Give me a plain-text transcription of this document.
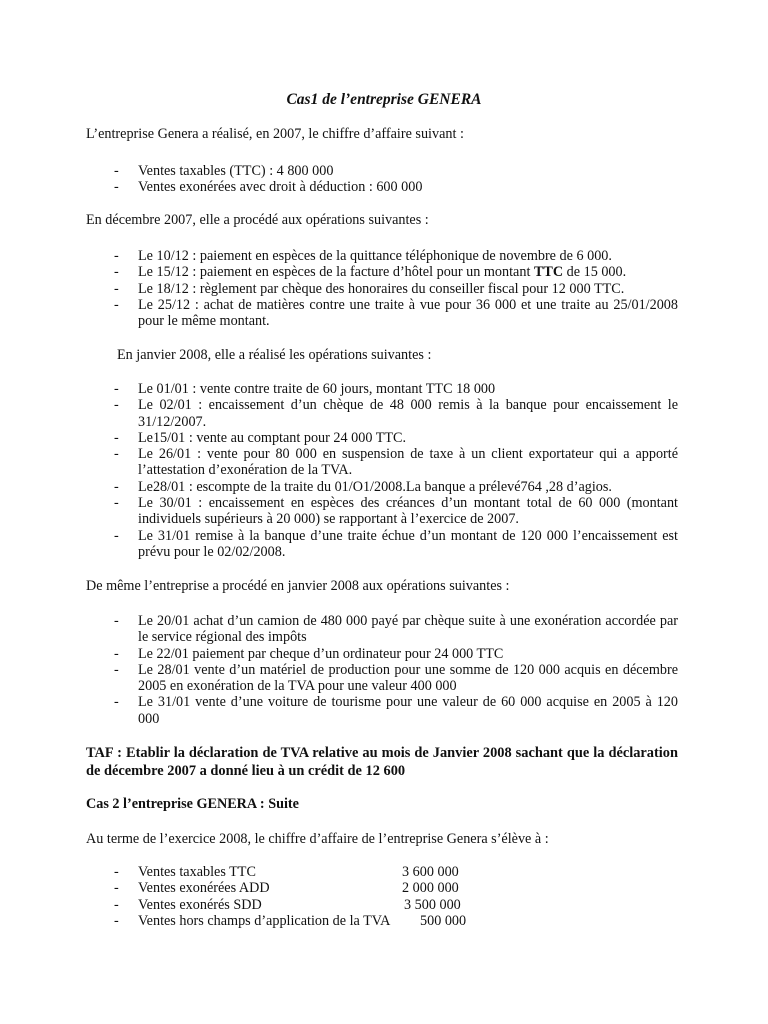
Cas1 de l’entreprise GENERA

L’entreprise Genera a réalisé, en 2007, le chiffre d’affaire suivant :

- Ventes taxables (TTC) : 4 800 000
- Ventes exonérées avec droit à déduction : 600 000

En décembre 2007, elle a procédé aux opérations suivantes :

- Le 10/12 : paiement en espèces de la quittance téléphonique de novembre de 6 000.
- Le 15/12 : paiement en espèces de la facture d’hôtel pour un montant TTC de 15 000.
- Le 18/12 : règlement par chèque des honoraires du conseiller fiscal pour 12 000 TTC.
- Le 25/12 : achat de matières contre une traite à vue pour 36 000 et une traite au 25/01/2008 pour le même montant.

En janvier 2008, elle a réalisé les opérations suivantes :

- Le 01/01 : vente contre traite de 60 jours, montant TTC 18 000
- Le 02/01 : encaissement d’un chèque de 48 000 remis à la banque pour encaissement le 31/12/2007.
- Le15/01 : vente au comptant pour 24 000 TTC.
- Le 26/01 : vente pour 80 000 en suspension de taxe à un client exportateur qui a apporté l’attestation d’exonération de la TVA.
- Le28/01 : escompte de la traite du 01/O1/2008.La banque a prélevé764 ,28 d’agios.
- Le 30/01 : encaissement en espèces des créances d’un montant total de 60 000 (montant individuels supérieurs à 20 000) se rapportant à l’exercice de 2007.
- Le 31/01 remise à la banque d’une traite échue d’un montant de 120 000 l’encaissement est prévu pour le 02/02/2008.

De même l’entreprise a procédé en janvier 2008 aux opérations suivantes :

- Le 20/01 achat d’un camion de 480 000 payé par chèque suite à une exonération accordée par le service régional des impôts
- Le 22/01 paiement par cheque d’un ordinateur pour 24 000 TTC
- Le 28/01 vente d’un matériel de production pour une somme de 120 000 acquis en décembre 2005 en exonération de la TVA pour une valeur 400 000
- Le 31/01 vente d’une voiture de tourisme pour une valeur de 60 000 acquise en 2005 à 120 000

TAF : Etablir la déclaration de TVA relative au mois de Janvier 2008 sachant que la déclaration de décembre 2007 a donné lieu à un crédit de 12 600

Cas 2 l’entreprise GENERA : Suite

Au terme de l’exercice 2008, le chiffre d’affaire de l’entreprise Genera s’élève à :

- Ventes taxables TTC	3 600 000
- Ventes exonérées ADD	2 000 000
- Ventes exonérés SDD	3 500 000
- Ventes hors champs d’application de la TVA 500 000
